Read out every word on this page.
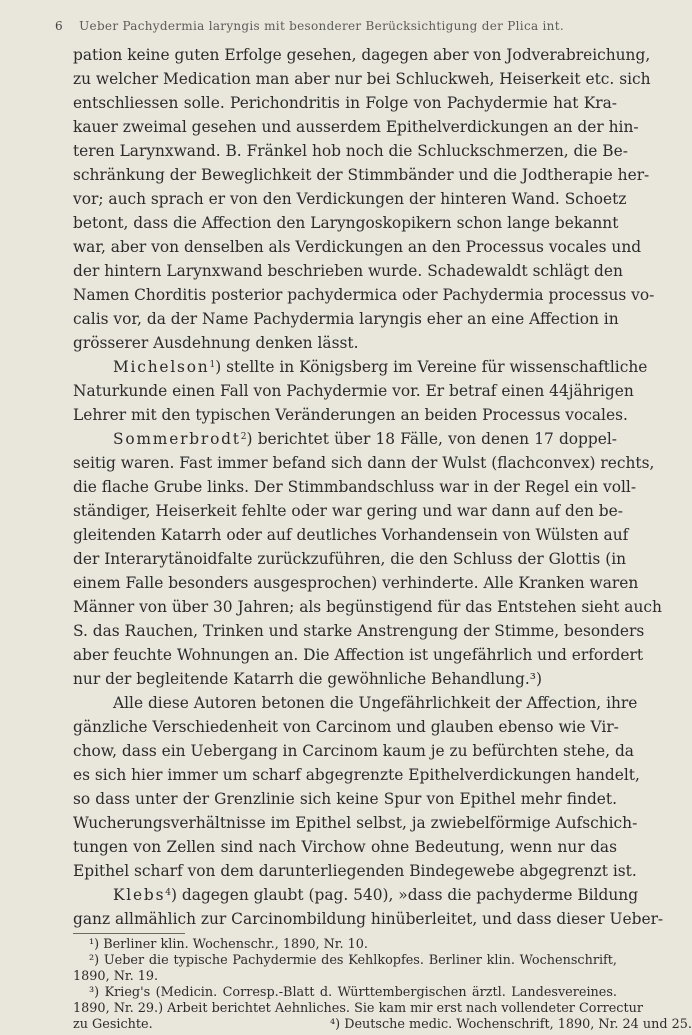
6 Ueber Pachydermia laryngis mit besonderer Berücksichtigung der Plica int.
pation keine guten Erfolge gesehen, dagegen aber von Jodverabreichung,
zu welcher Medication man aber nur bei Schluckweh, Heiserkeit etc. sich
entschliessen solle. Perichondritis in Folge von Pachydermie hat Kra-
kauer zweimal gesehen und ausserdem Epithelverdickungen an der hin-
teren Larynxwand. B. Fränkel hob noch die Schluckschmerzen, die Be-
schränkung der Beweglichkeit der Stimmbänder und die Jodtherapie her-
vor; auch sprach er von den Verdickungen der hinteren Wand. Schoetz
betont, dass die Affection den Laryngoskopikern schon lange bekannt
war, aber von denselben als Verdickungen an den Processus vocales und
der hintern Larynxwand beschrieben wurde. Schadewaldt schlägt den
Namen Chorditis posterior pachydermica oder Pachydermia processus vo-
calis vor, da der Name Pachydermia laryngis eher an eine Affection in
grösserer Ausdehnung denken lässt.
Michelson$^1$) stellte in Königsberg im Vereine für wissenschaftliche
Naturkunde einen Fall von Pachydermie vor. Er betraf einen 44jährigen
Lehrer mit den typischen Veränderungen an beiden Processus vocales.
Sommerbrodt$^2$) berichtet über 18 Fälle, von denen 17 doppel-
seitig waren. Fast immer befand sich dann der Wulst (flachconvex) rechts,
die flache Grube links. Der Stimmbandschluss war in der Regel ein voll-
ständiger, Heiserkeit fehlte oder war gering und war dann auf den be-
gleitenden Katarrh oder auf deutliches Vorhandensein von Wülsten auf
der Interarytänoidfalte zurückzuführen, die den Schluss der Glottis (in
einem Falle besonders ausgesprochen) verhinderte. Alle Kranken waren
Männer von über 30 Jahren; als begünstigend für das Entstehen sieht auch
S. das Rauchen, Trinken und starke Anstrengung der Stimme, besonders
aber feuchte Wohnungen an. Die Affection ist ungefährlich und erfordert
nur der begleitende Katarrh die gewöhnliche Behandlung.³)
Alle diese Autoren betonen die Ungefährlichkeit der Affection, ihre
gänzliche Verschiedenheit von Carcinom und glauben ebenso wie Vir-
chow, dass ein Uebergang in Carcinom kaum je zu befürchten stehe, da
es sich hier immer um scharf abgegrenzte Epithelverdickungen handelt,
so dass unter der Grenzlinie sich keine Spur von Epithel mehr findet.
Wucherungsverhältnisse im Epithel selbst, ja zwiebelförmige Aufschich-
tungen von Zellen sind nach Virchow ohne Bedeutung, wenn nur das
Epithel scharf von dem darunterliegenden Bindegewebe abgegrenzt ist.
Klebs$^4$) dagegen glaubt (pag. 540), »dass die pachyderme Bildung
ganz allmählich zur Carcinombildung hinüberleitet, und dass dieser Ueber-
¹) Berliner klin. Wochenschr., 1890, Nr. 10.
²) Ueber die typische Pachydermie des Kehlkopfes. Berliner klin. Wochenschrift,
1890, Nr. 19.
³) Krieg's (Medicin. Corresp.-Blatt d. Württembergischen ärztl. Landesvereines.
1890, Nr. 29.) Arbeit berichtet Aehnliches. Sie kam mir erst nach vollendeter Correctur
zu Gesichte.	⁴) Deutsche medic. Wochenschrift, 1890, Nr. 24 und 25.
